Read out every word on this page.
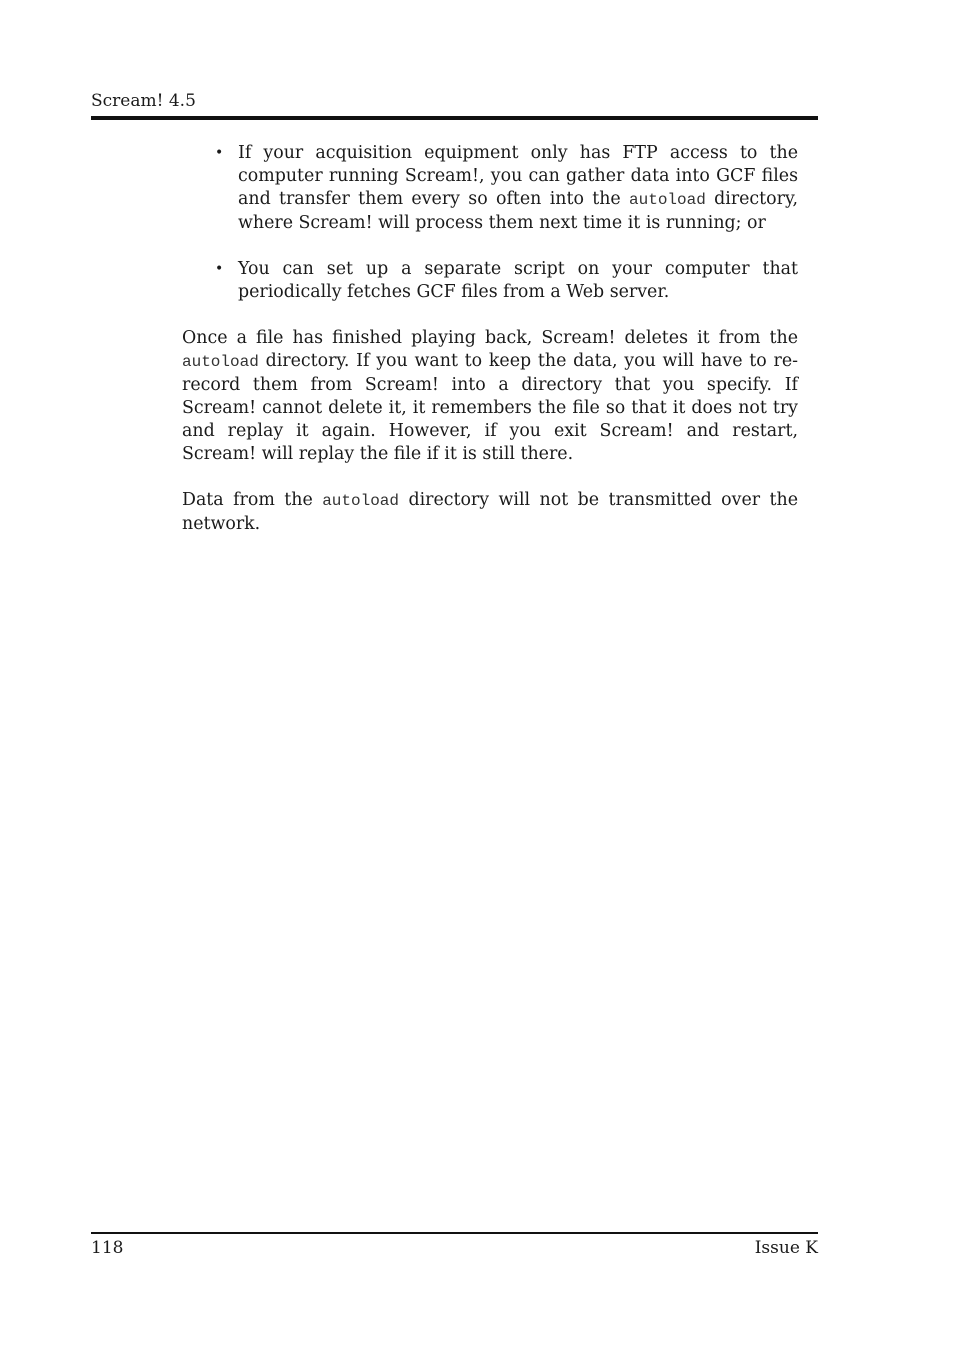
Scream! 4.5
• If your acquisition equipment only has FTP access to the computer running Scream!, you can gather data into GCF files and transfer them every so often into the autoload directory, where Scream! will process them next time it is running; or
• You can set up a separate script on your computer that periodically fetches GCF files from a Web server.

Once a file has finished playing back, Scream! deletes it from the autoload directory. If you want to keep the data, you will have to re-record them from Scream! into a directory that you specify. If Scream! cannot delete it, it remembers the file so that it does not try and replay it again. However, if you exit Scream! and restart, Scream! will replay the file if it is still there.

Data from the autoload directory will not be transmitted over the network.

118	Issue K
